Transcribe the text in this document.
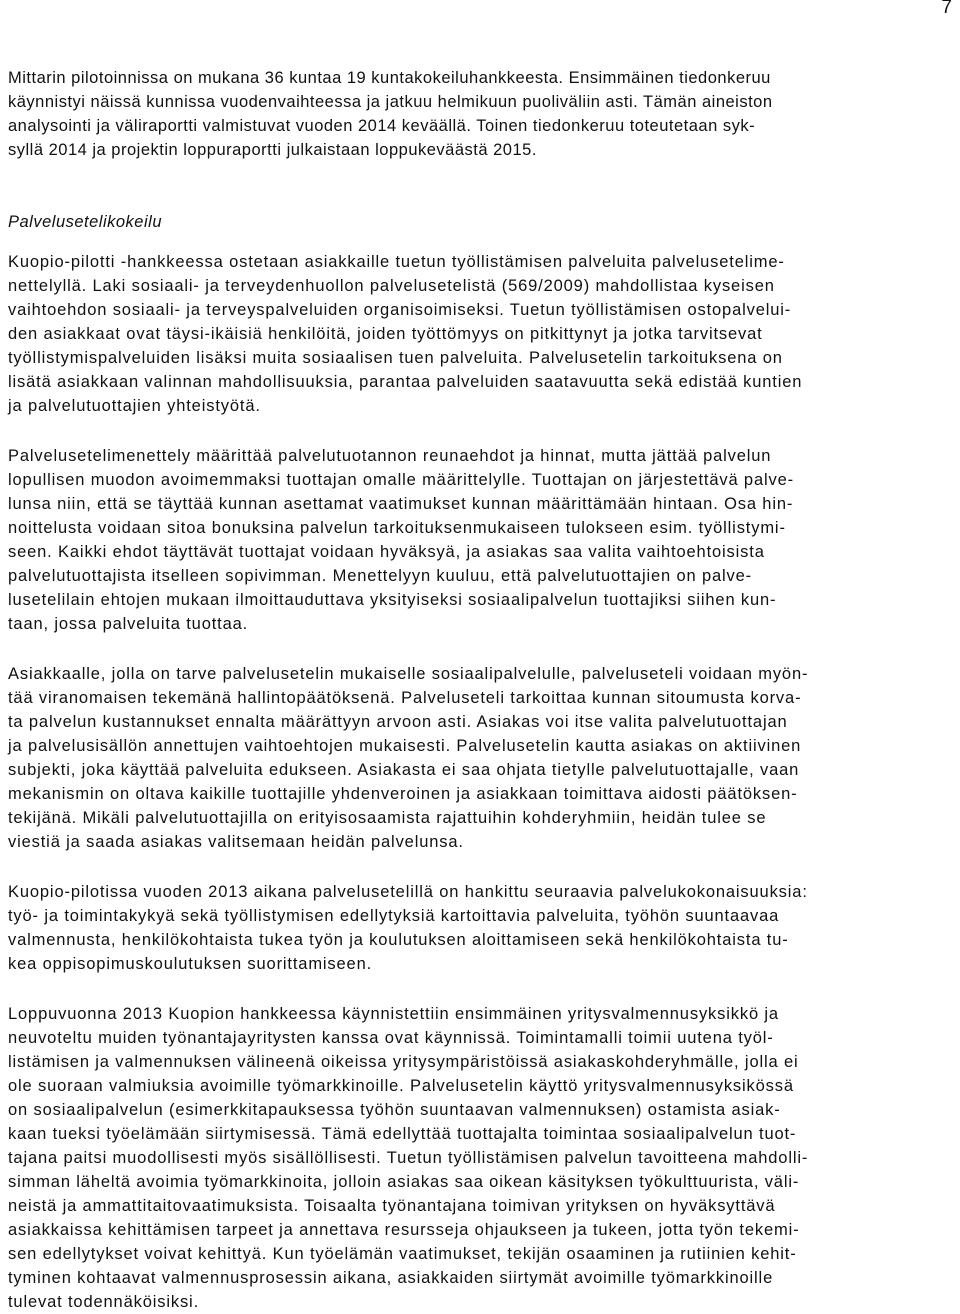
7
Mittarin pilotoinnissa on mukana 36 kuntaa 19 kuntakokeiluhankkeesta. Ensimmäinen tiedonkeruu
käynnistyi näissä kunnissa vuodenvaihteessa ja jatkuu helmikuun puoliväliin asti. Tämän aineiston
analysointi ja väliraportti valmistuvat vuoden 2014 keväällä. Toinen tiedonkeruu toteutetaan syk-
syllä 2014 ja projektin loppuraportti julkaistaan loppukeväästä 2015.
Palvelusetelikokeilu
Kuopio-pilotti -hankkeessa ostetaan asiakkaille tuetun työllistämisen palveluita palvelusetelime-
nettelyllä. Laki sosiaali- ja terveydenhuollon palvelusetelistä (569/2009) mahdollistaa kyseisen
vaihtoehdon sosiaali- ja terveyspalveluiden organisoimiseksi. Tuetun työllistämisen ostopalvelui-
den asiakkaat ovat täysi-ikäisiä henkilöitä, joiden työttömyys on pitkittynyt ja jotka tarvitsevat
työllistymispalveluiden lisäksi muita sosiaalisen tuen palveluita. Palvelusetelin tarkoituksena on
lisätä asiakkaan valinnan mahdollisuuksia, parantaa palveluiden saatavuutta sekä edistää kuntien
ja palvelutuottajien yhteistyötä.
Palvelusetelimenettely määrittää palvelutuotannon reunaehdot ja hinnat, mutta jättää palvelun
lopullisen muodon avoimemmaksi tuottajan omalle määrittelylle. Tuottajan on järjestettävä palve-
lunsa niin, että se täyttää kunnan asettamat vaatimukset kunnan määrittämään hintaan. Osa hin-
noittelusta voidaan sitoa bonuksina palvelun tarkoituksenmukaiseen tulokseen esim. työllistymi-
seen. Kaikki ehdot täyttävät tuottajat voidaan hyväksyä, ja asiakas saa valita vaihtoehtoisista
palvelutuottajista itselleen sopivimman. Menettelyyn kuuluu, että palvelutuottajien on palve-
lusetelilain ehtojen mukaan ilmoittauduttava yksityiseksi sosiaalipalvelun tuottajiksi siihen kun-
taan, jossa palveluita tuottaa.
Asiakkaalle, jolla on tarve palvelusetelin mukaiselle sosiaalipalvelulle, palveluseteli voidaan myön-
tää viranomaisen tekemänä hallintopäätöksenä. Palveluseteli tarkoittaa kunnan sitoumusta korva-
ta palvelun kustannukset ennalta määrättyyn arvoon asti. Asiakas voi itse valita palvelutuottajan
ja palvelusisällön annettujen vaihtoehtojen mukaisesti. Palvelusetelin kautta asiakas on aktiivinen
subjekti, joka käyttää palveluita edukseen. Asiakasta ei saa ohjata tietylle palvelutuottajalle, vaan
mekanismin on oltava kaikille tuottajille yhdenveroinen ja asiakkaan toimittava aidosti päätöksen-
tekijänä. Mikäli palvelutuottajilla on erityisosaamista rajattuihin kohderyhmiin, heidän tulee se
viestiä ja saada asiakas valitsemaan heidän palvelunsa.
Kuopio-pilotissa vuoden 2013 aikana palvelusetelillä on hankittu seuraavia palvelukokonaisuuksia:
työ- ja toimintakykyä sekä työllistymisen edellytyksiä kartoittavia palveluita, työhön suuntaavaa
valmennusta, henkilökohtaista tukea työn ja koulutuksen aloittamiseen sekä henkilökohtaista tu-
kea oppisopimuskoulutuksen suorittamiseen.
Loppuvuonna 2013 Kuopion hankkeessa käynnistettiin ensimmäinen yritysvalmennusyksikkö ja
neuvoteltu muiden työnantajayritysten kanssa ovat käynnissä. Toimintamalli toimii uutena työl-
listämisen ja valmennuksen välineenä oikeissa yritysympäristöissä asiakaskohderyhmälle, jolla ei
ole suoraan valmiuksia avoimille työmarkkinoille. Palvelusetelin käyttö yritysvalmennusyksikössä
on sosiaalipalvelun (esimerkkitapauksessa työhön suuntaavan valmennuksen) ostamista asiak-
kaan tueksi työelämään siirtymisessä. Tämä edellyttää tuottajalta toimintaa sosiaalipalvelun tuot-
tajana paitsi muodollisesti myös sisällöllisesti. Tuetun työllistämisen palvelun tavoitteena mahdolli-
simman läheltä avoimia työmarkkinoita, jolloin asiakas saa oikean käsityksen työkulttuurista, väli-
neistä ja ammattitaitovaatimuksista. Toisaalta työnantajana toimivan yrityksen on hyväksyttävä
asiakkaissa kehittämisen tarpeet ja annettava resursseja ohjaukseen ja tukeen, jotta työn tekemi-
sen edellytykset voivat kehittyä. Kun työelämän vaatimukset, tekijän osaaminen ja rutiinien kehit-
tyminen kohtaavat valmennusprosessin aikana, asiakkaiden siirtymät avoimille työmarkkinoille
tulevat todennäköisiksi.
